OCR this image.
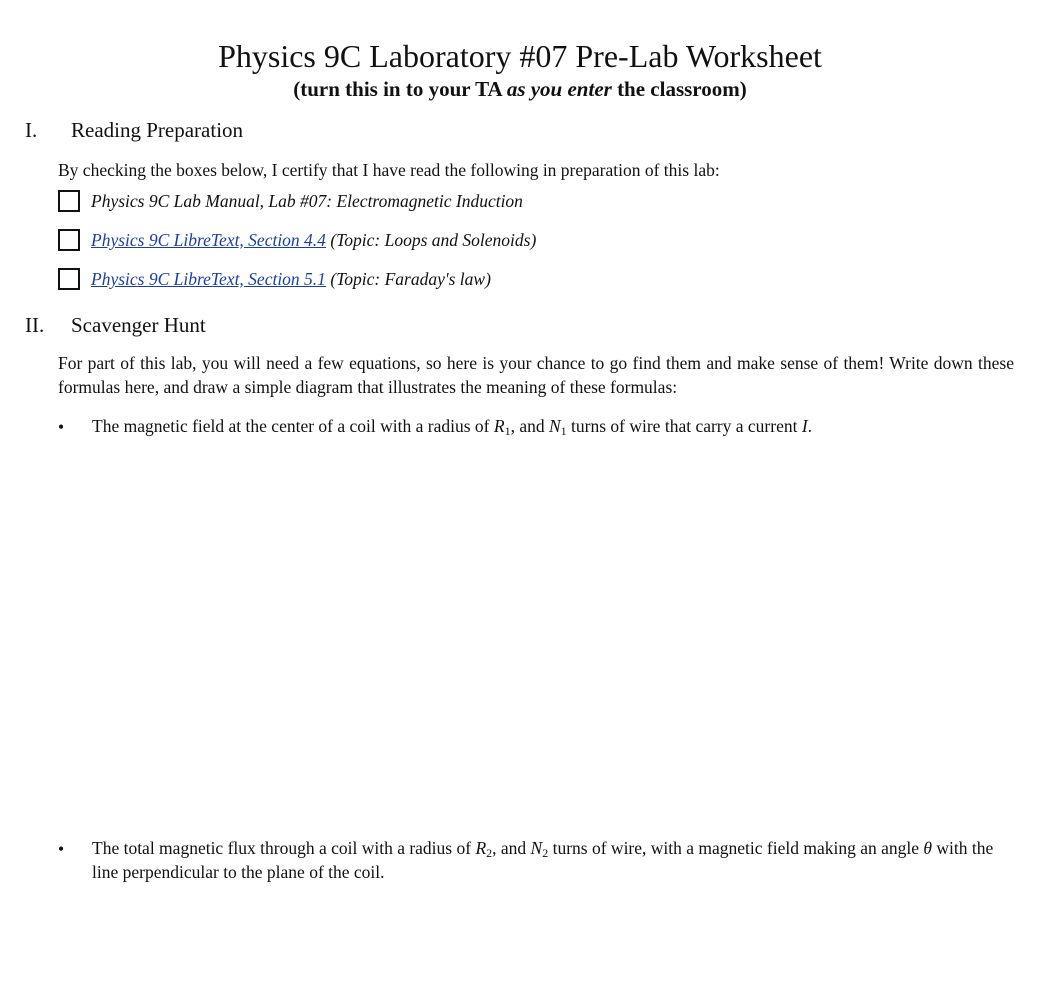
Physics 9C Laboratory #07 Pre-Lab Worksheet
(turn this in to your TA as you enter the classroom)
I. Reading Preparation
By checking the boxes below, I certify that I have read the following in preparation of this lab:
Physics 9C Lab Manual, Lab #07: Electromagnetic Induction
Physics 9C LibreText, Section 4.4 (Topic: Loops and Solenoids)
Physics 9C LibreText, Section 5.1 (Topic: Faraday's law)
II. Scavenger Hunt
For part of this lab, you will need a few equations, so here is your chance to go find them and make sense of them! Write down these formulas here, and draw a simple diagram that illustrates the meaning of these formulas:
• The magnetic field at the center of a coil with a radius of $R_1$, and $N_1$ turns of wire that carry a current I.
• The total magnetic flux through a coil with a radius of $R_2$, and $N_2$ turns of wire, with a magnetic field making an angle θ with the line perpendicular to the plane of the coil.
